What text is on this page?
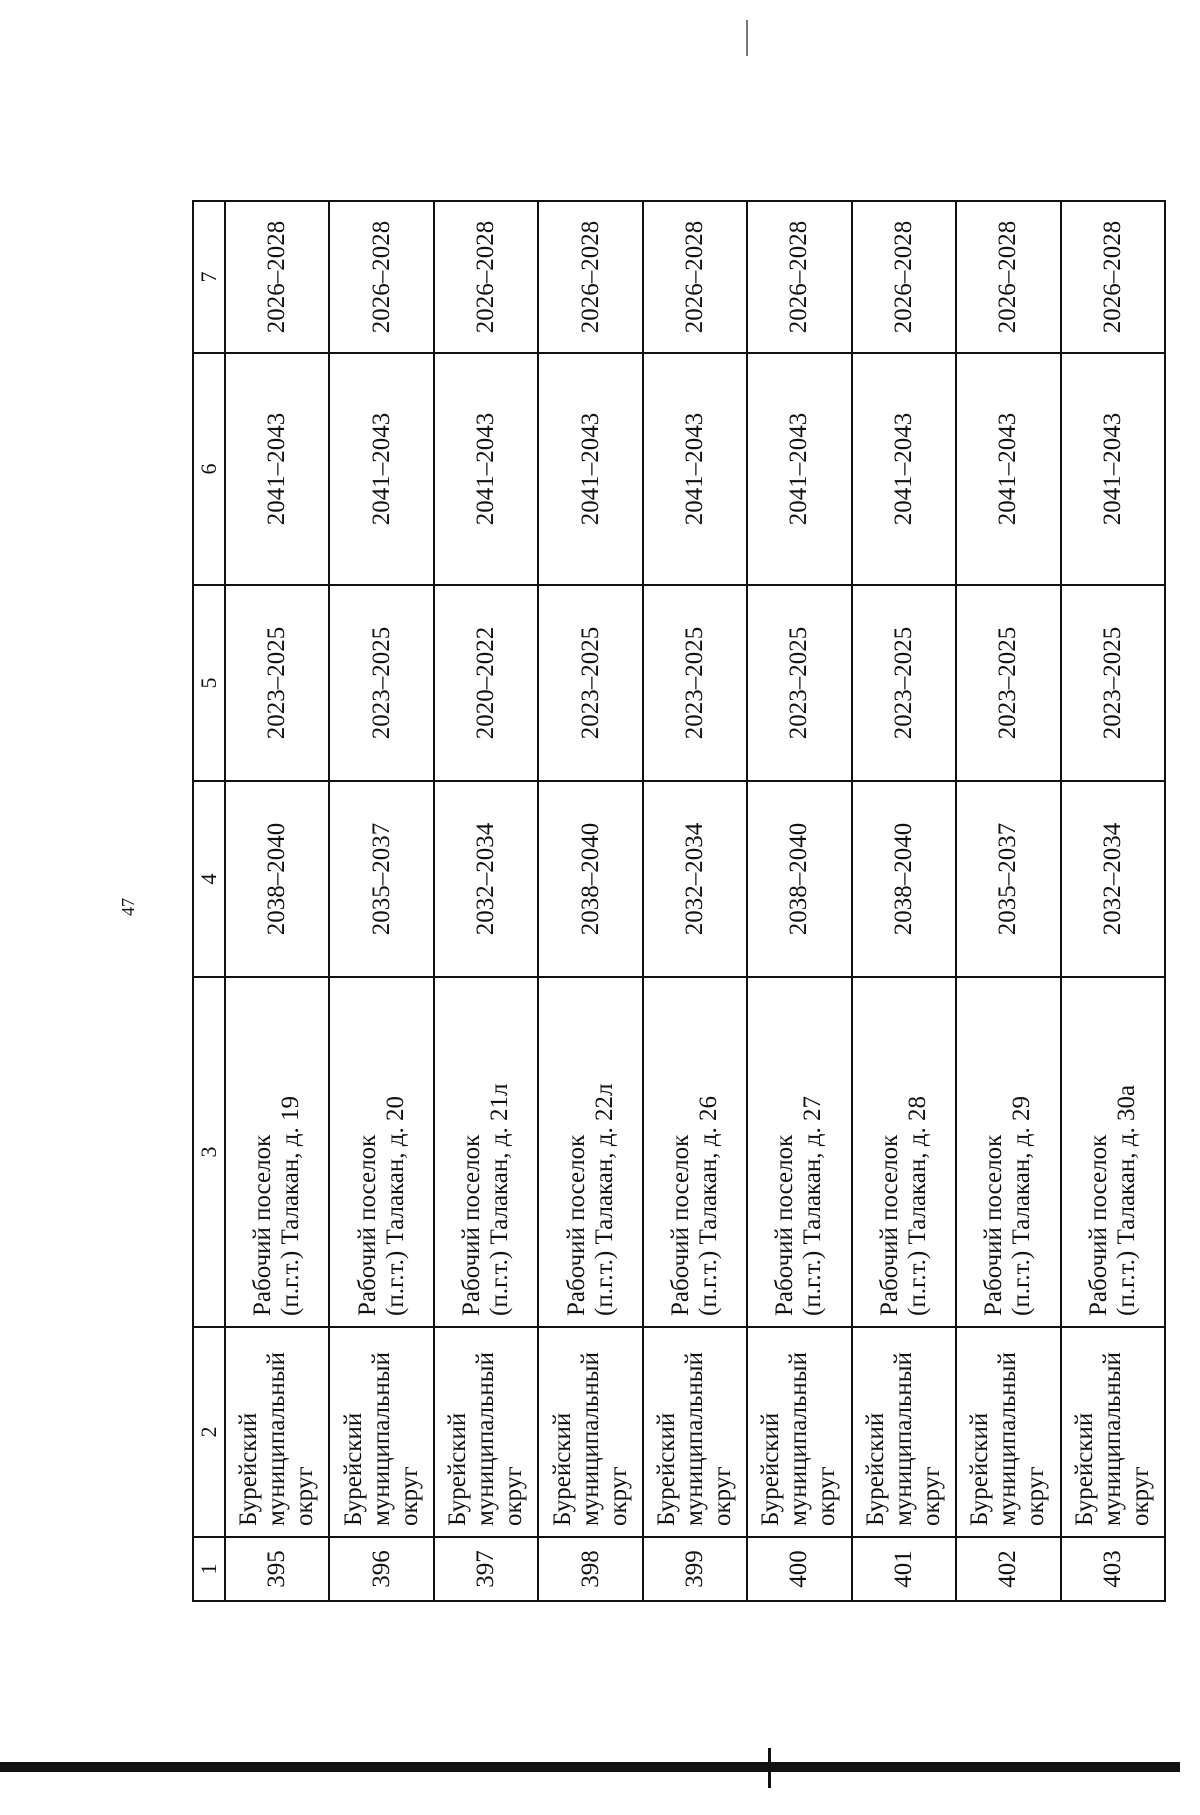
47
1	2	3	4	5	6	7
395	Бурейский муниципальный округ	Рабочий поселок (п.г.т.) Талакан, д. 19	2038–2040	2023–2025	2041–2043	2026–2028
396	Бурейский муниципальный округ	Рабочий поселок (п.г.т.) Талакан, д. 20	2035–2037	2023–2025	2041–2043	2026–2028
397	Бурейский муниципальный округ	Рабочий поселок (п.г.т.) Талакан, д. 21л	2032–2034	2020–2022	2041–2043	2026–2028
398	Бурейский муниципальный округ	Рабочий поселок (п.г.т.) Талакан, д. 22л	2038–2040	2023–2025	2041–2043	2026–2028
399	Бурейский муниципальный округ	Рабочий поселок (п.г.т.) Талакан, д. 26	2032–2034	2023–2025	2041–2043	2026–2028
400	Бурейский муниципальный округ	Рабочий поселок (п.г.т.) Талакан, д. 27	2038–2040	2023–2025	2041–2043	2026–2028
401	Бурейский муниципальный округ	Рабочий поселок (п.г.т.) Талакан, д. 28	2038–2040	2023–2025	2041–2043	2026–2028
402	Бурейский муниципальный округ	Рабочий поселок (п.г.т.) Талакан, д. 29	2035–2037	2023–2025	2041–2043	2026–2028
403	Бурейский муниципальный округ	Рабочий поселок (п.г.т.) Талакан, д. 30а	2032–2034	2023–2025	2041–2043	2026–2028
